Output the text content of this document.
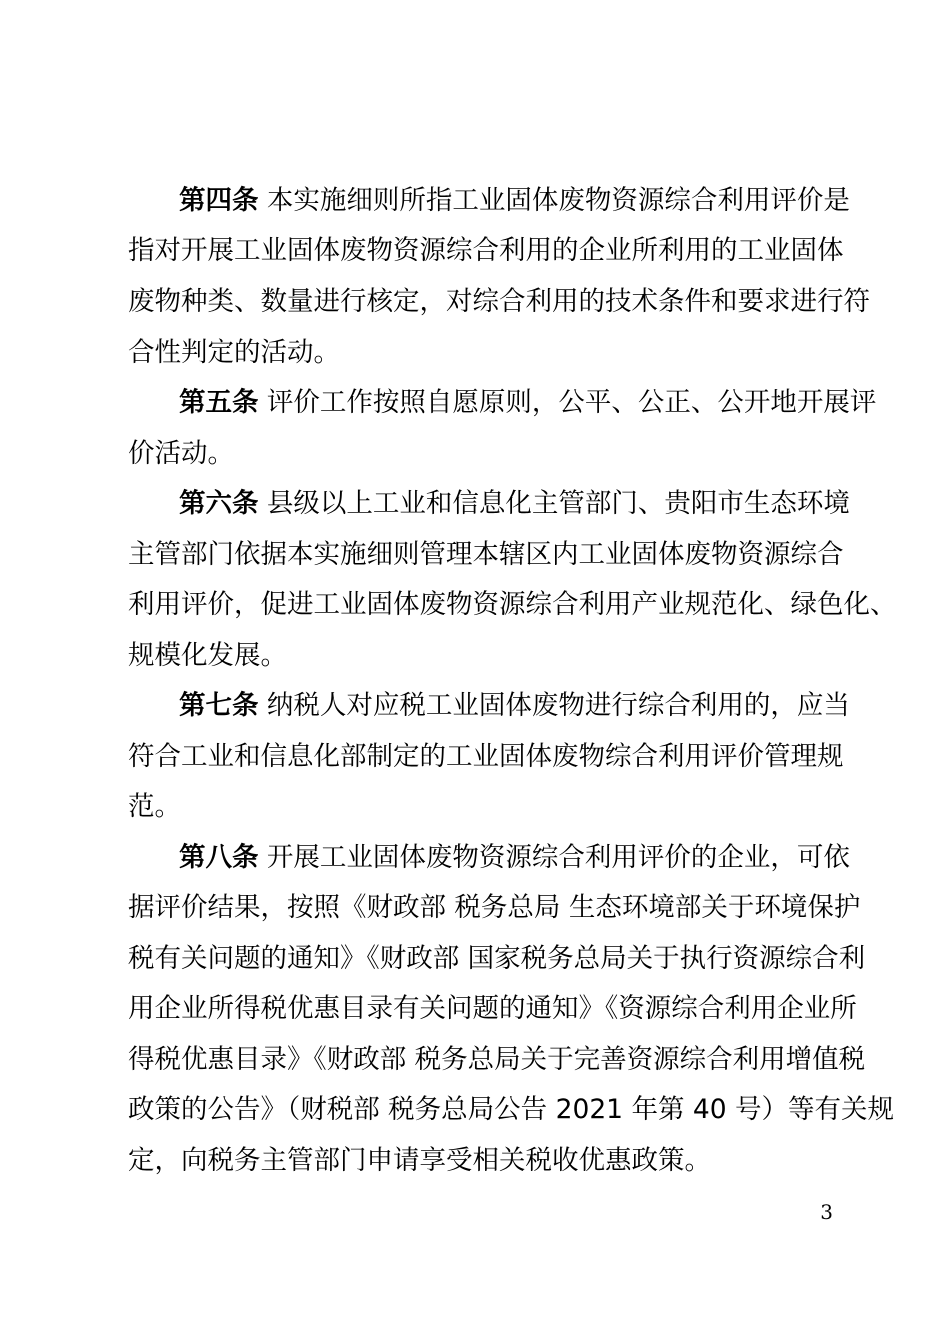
第四条 本实施细则所指工业固体废物资源综合利用评价是
指对开展工业固体废物资源综合利用的企业所利用的工业固体
废物种类、数量进行核定，对综合利用的技术条件和要求进行符
合性判定的活动。
第五条 评价工作按照自愿原则，公平、公正、公开地开展评
价活动。
第六条 县级以上工业和信息化主管部门、贵阳市生态环境
主管部门依据本实施细则管理本辖区内工业固体废物资源综合
利用评价，促进工业固体废物资源综合利用产业规范化、绿色化、
规模化发展。
第七条 纳税人对应税工业固体废物进行综合利用的，应当
符合工业和信息化部制定的工业固体废物综合利用评价管理规
范。
第八条 开展工业固体废物资源综合利用评价的企业，可依
据评价结果，按照《财政部 税务总局 生态环境部关于环境保护
税有关问题的通知》《财政部 国家税务总局关于执行资源综合利
用企业所得税优惠目录有关问题的通知》《资源综合利用企业所
得税优惠目录》《财政部 税务总局关于完善资源综合利用增值税
政策的公告》（财税部 税务总局公告 2021 年第 40 号）等有关规
定，向税务主管部门申请享受相关税收优惠政策。
3
